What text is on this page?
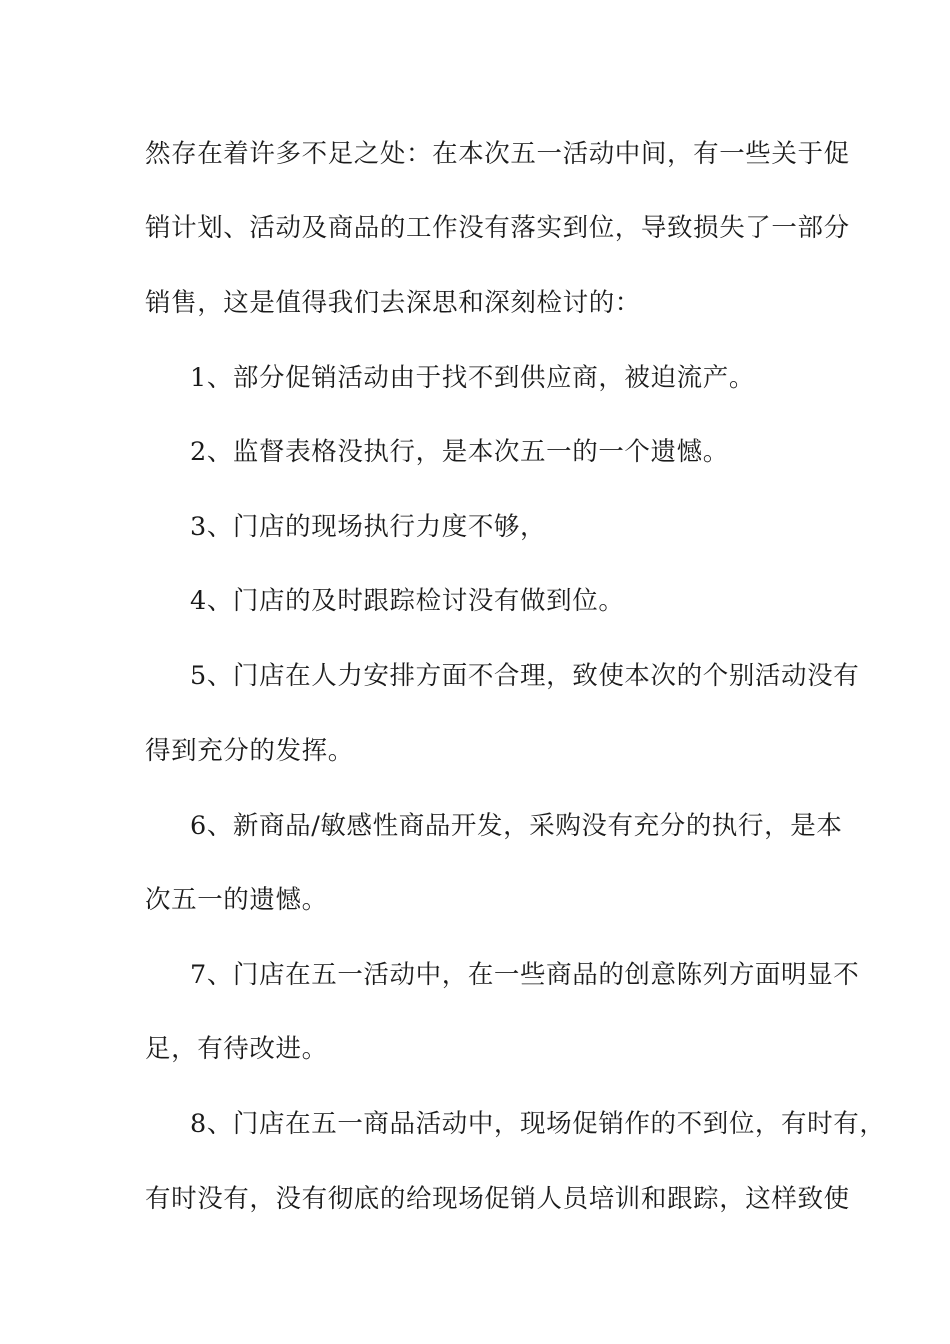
然存在着许多不足之处：在本次五一活动中间，有一些关于促
销计划、活动及商品的工作没有落实到位，导致损失了一部分
销售，这是值得我们去深思和深刻检讨的：
1、部分促销活动由于找不到供应商，被迫流产。
2、监督表格没执行，是本次五一的一个遗憾。
3、门店的现场执行力度不够，
4、门店的及时跟踪检讨没有做到位。
5、门店在人力安排方面不合理，致使本次的个别活动没有
得到充分的发挥。
6、新商品/敏感性商品开发，采购没有充分的执行，是本
次五一的遗憾。
7、门店在五一活动中，在一些商品的创意陈列方面明显不
足，有待改进。
8、门店在五一商品活动中，现场促销作的不到位，有时有，
有时没有，没有彻底的给现场促销人员培训和跟踪，这样致使
